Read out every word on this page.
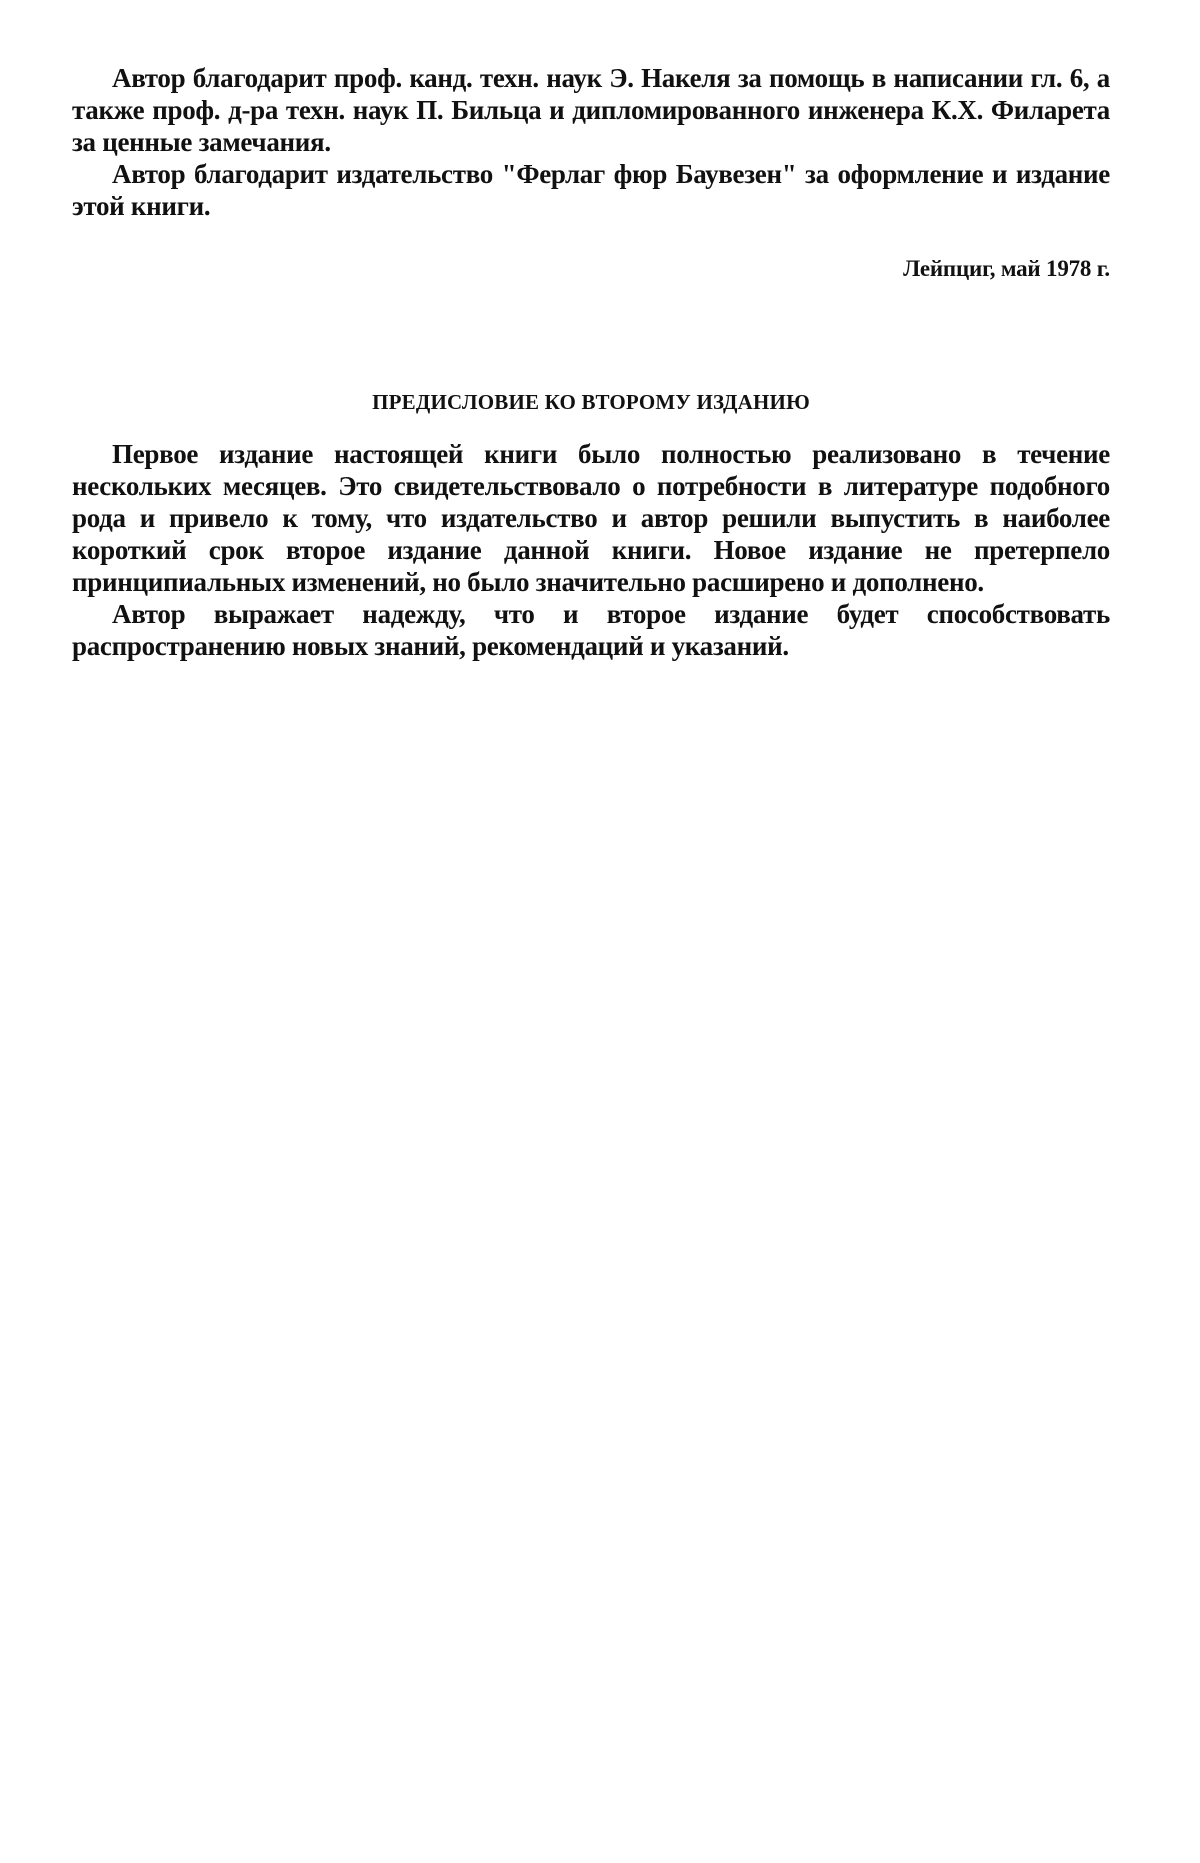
Автор благодарит проф. канд. техн. наук Э. Накеля за помощь в написании гл. 6, а также проф. д-ра техн. наук П. Бильца и дипломированного инженера К.Х. Филарета за ценные замечания.

Автор благодарит издательство "Ферлаг фюр Баувезен" за оформление и издание этой книги.

Лейпциг, май 1978 г.

ПРЕДИСЛОВИЕ КО ВТОРОМУ ИЗДАНИЮ

Первое издание настоящей книги было полностью реализовано в течение нескольких месяцев. Это свидетельствовало о потребности в литературе подобного рода и привело к тому, что издательство и автор решили выпустить в наиболее короткий срок второе издание данной книги. Новое издание не претерпело принципиальных изменений, но было значительно расширено и дополнено.

Автор выражает надежду, что и второе издание будет способствовать распространению новых знаний, рекомендаций и указаний.
